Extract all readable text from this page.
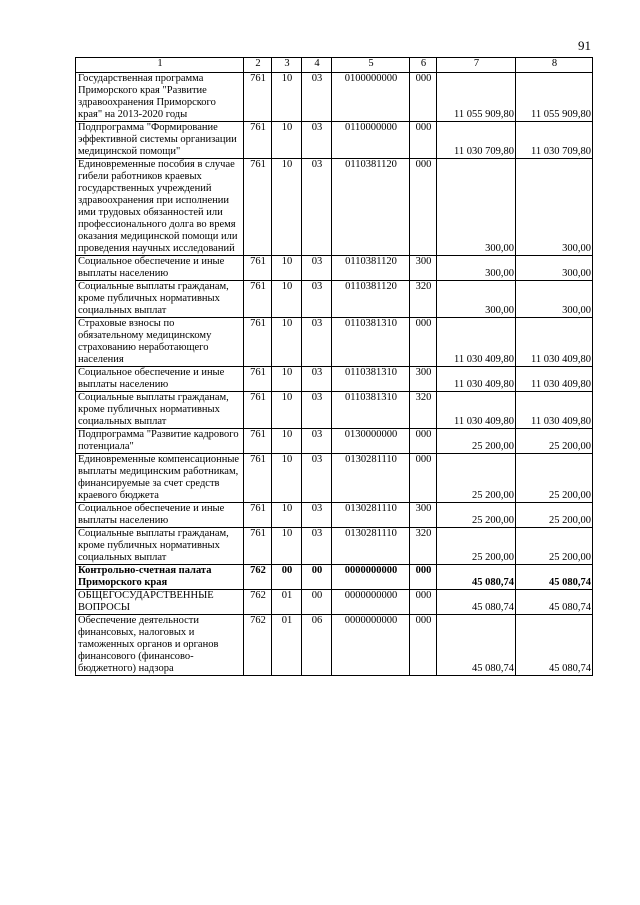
91
1	2	3	4	5	6	7	8
Государственная программа Приморского края "Развитие здравоохранения Приморского края" на 2013-2020 годы	761	10	03	0100000000	000	11 055 909,80	11 055 909,80
Подпрограмма "Формирование эффективной системы организации медицинской помощи"	761	10	03	0110000000	000	11 030 709,80	11 030 709,80
Единовременные пособия в случае гибели работников краевых государственных учреждений здравоохранения при исполнении ими трудовых обязанностей или профессионального долга во время оказания медицинской помощи или проведения научных исследований	761	10	03	0110381120	000	300,00	300,00
Социальное обеспечение и иные выплаты населению	761	10	03	0110381120	300	300,00	300,00
Социальные выплаты гражданам, кроме публичных нормативных социальных выплат	761	10	03	0110381120	320	300,00	300,00
Страховые взносы по обязательному медицинскому страхованию неработающего населения	761	10	03	0110381310	000	11 030 409,80	11 030 409,80
Социальное обеспечение и иные выплаты населению	761	10	03	0110381310	300	11 030 409,80	11 030 409,80
Социальные выплаты гражданам, кроме публичных нормативных социальных выплат	761	10	03	0110381310	320	11 030 409,80	11 030 409,80
Подпрограмма "Развитие кадрового потенциала"	761	10	03	0130000000	000	25 200,00	25 200,00
Единовременные компенсационные выплаты медицинским работникам, финансируемые за счет средств краевого бюджета	761	10	03	0130281110	000	25 200,00	25 200,00
Социальное обеспечение и иные выплаты населению	761	10	03	0130281110	300	25 200,00	25 200,00
Социальные выплаты гражданам, кроме публичных нормативных социальных выплат	761	10	03	0130281110	320	25 200,00	25 200,00
Контрольно-счетная палата Приморского края	762	00	00	0000000000	000	45 080,74	45 080,74
ОБЩЕГОСУДАРСТВЕННЫЕ ВОПРОСЫ	762	01	00	0000000000	000	45 080,74	45 080,74
Обеспечение деятельности финансовых, налоговых и таможенных органов и органов финансового (финансово-бюджетного) надзора	762	01	06	0000000000	000	45 080,74	45 080,74
